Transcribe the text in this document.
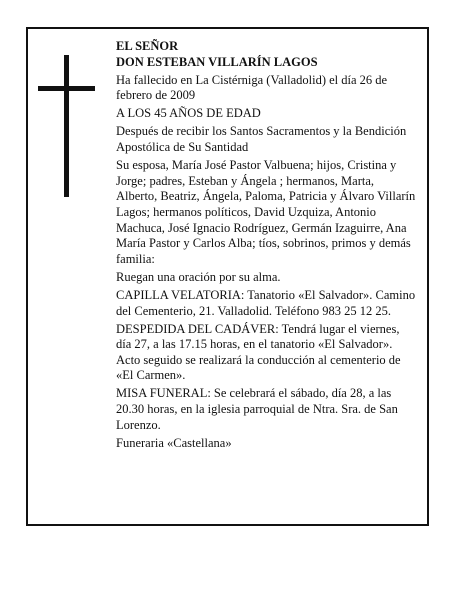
EL SEÑOR

DON ESTEBAN VILLARÍN LAGOS

Ha fallecido en La Cistérniga (Valladolid) el día 26 de febrero de 2009

A LOS 45 AÑOS DE EDAD

Después de recibir los Santos Sacramentos y la Bendición Apostólica de Su Santidad

Su esposa, María José Pastor Valbuena; hijos, Cristina y Jorge; padres, Esteban y Ángela ; hermanos, Marta, Alberto, Beatriz, Ángela, Paloma, Patricia y Álvaro Villarín Lagos; hermanos políticos, David Uzquiza, Antonio Machuca, José Ignacio Rodríguez, Germán Izaguirre, Ana María Pastor y Carlos Alba; tíos, sobrinos, primos y demás familia:

Ruegan una oración por su alma.

CAPILLA VELATORIA: Tanatorio «El Salvador». Camino del Cementerio, 21. Valladolid. Teléfono 983 25 12 25.

DESPEDIDA DEL CADÁVER: Tendrá lugar el viernes, día 27, a las 17.15 horas, en el tanatorio «El Salvador». Acto seguido se realizará la conducción al cementerio de «El Carmen».

MISA FUNERAL: Se celebrará el sábado, día 28, a las 20.30 horas, en la iglesia parroquial de Ntra. Sra. de San Lorenzo.

Funeraria «Castellana»
